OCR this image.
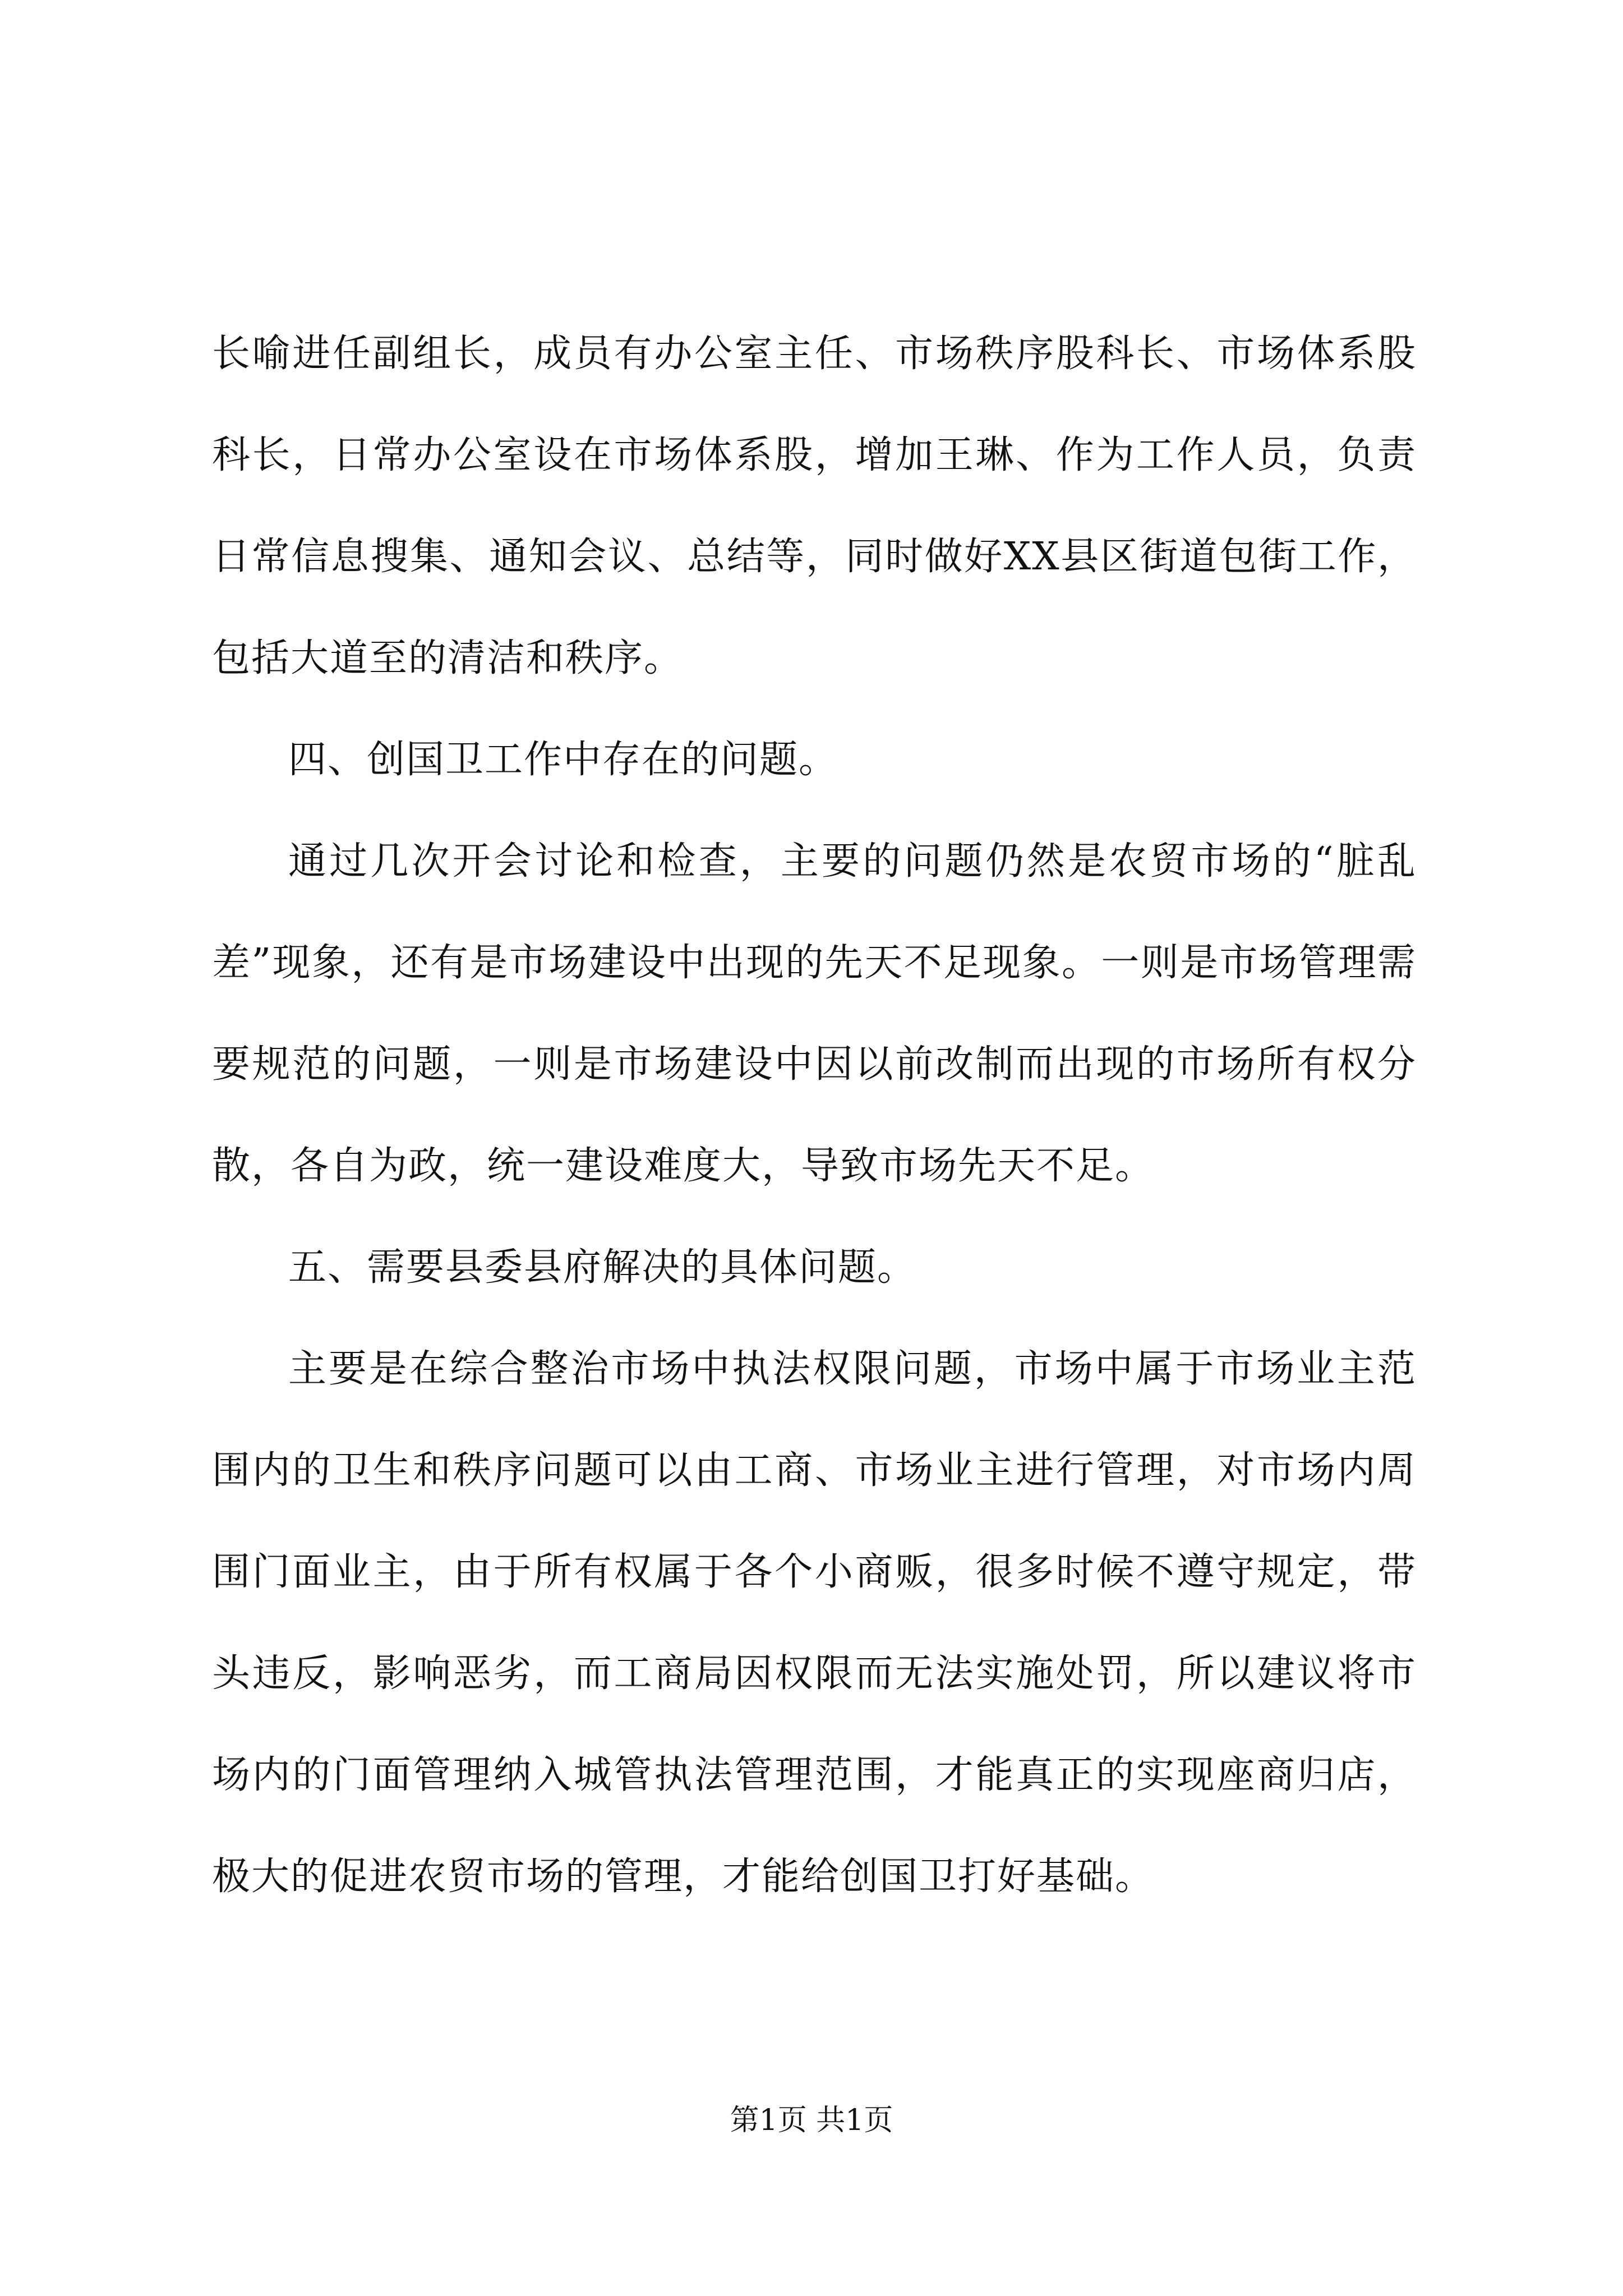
长喻进任副组长，成员有办公室主任、市场秩序股科长、市场体系股科长，日常办公室设在市场体系股，增加王琳、作为工作人员，负责日常信息搜集、通知会议、总结等，同时做好XX县区街道包街工作，包括大道至的清洁和秩序。

四、创国卫工作中存在的问题。

通过几次开会讨论和检查，主要的问题仍然是农贸市场的“脏乱差”现象，还有是市场建设中出现的先天不足现象。一则是市场管理需要规范的问题，一则是市场建设中因以前改制而出现的市场所有权分散，各自为政，统一建设难度大，导致市场先天不足。

五、需要县委县府解决的具体问题。

主要是在综合整治市场中执法权限问题，市场中属于市场业主范围内的卫生和秩序问题可以由工商、市场业主进行管理，对市场内周围门面业主，由于所有权属于各个小商贩，很多时候不遵守规定，带头违反，影响恶劣，而工商局因权限而无法实施处罚，所以建议将市场内的门面管理纳入城管执法管理范围，才能真正的实现座商归店，极大的促进农贸市场的管理，才能给创国卫打好基础。

第1页 共1页
